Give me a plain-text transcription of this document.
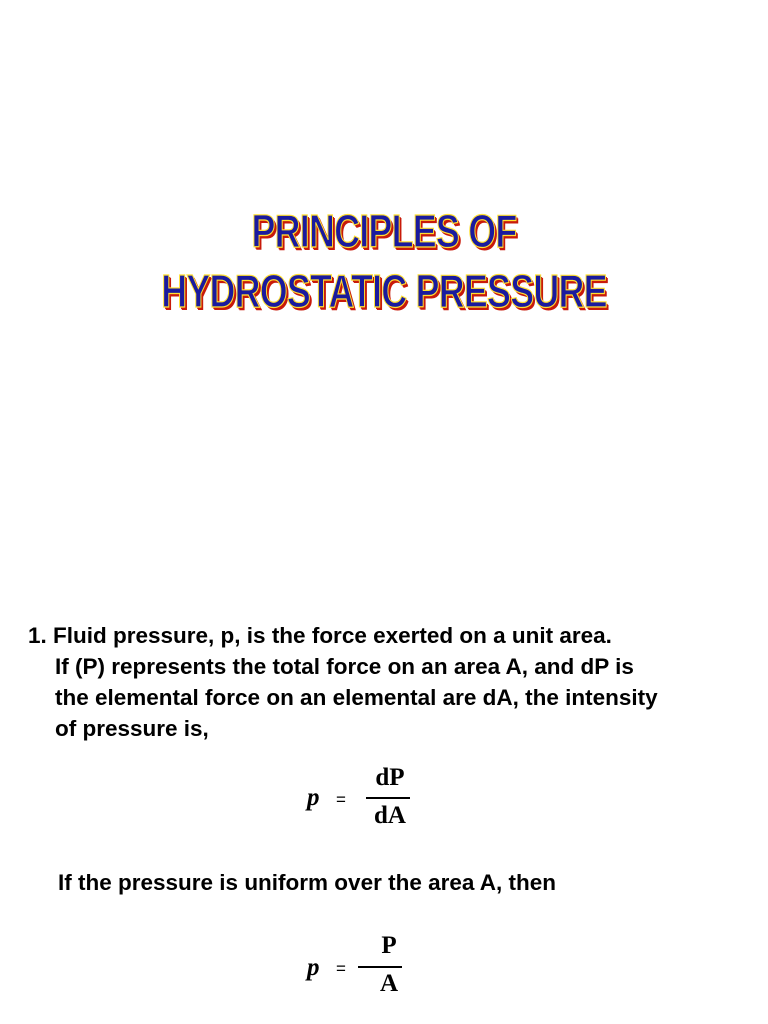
PRINCIPLES OF
HYDROSTATIC PRESSURE
1. Fluid pressure, p, is the force exerted on a unit area.
If (P) represents the total force on an area A, and dP is
the elemental force on an elemental are dA, the intensity
of pressure is,
p =
dP
dA
If the pressure is uniform over the area A, then
p =
P
A
